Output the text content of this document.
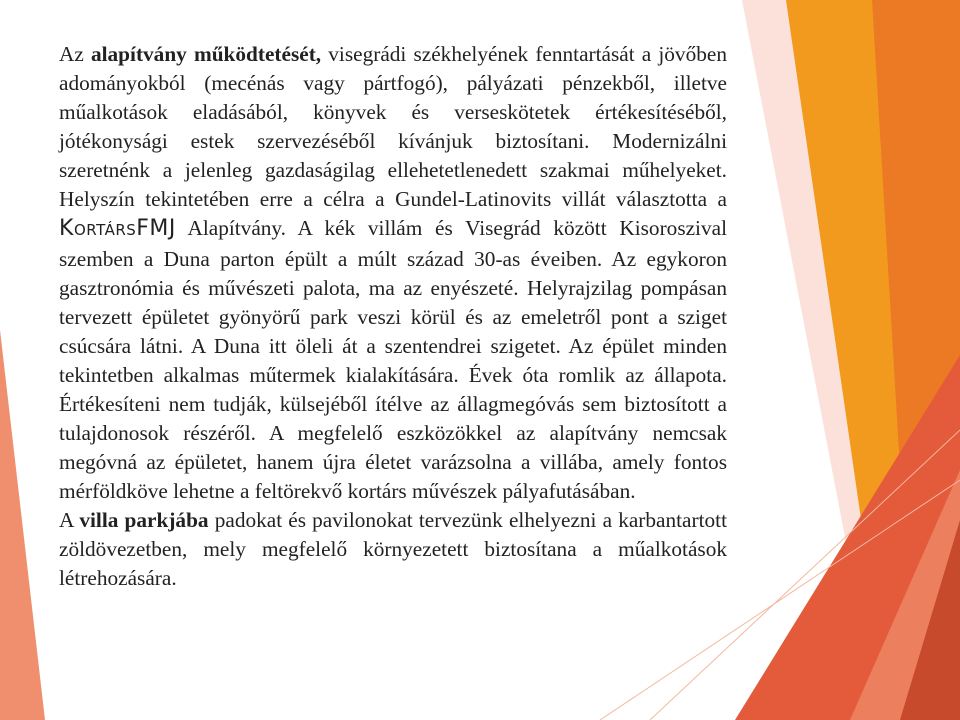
Az alapítvány működtetését, visegrádi székhelyének fenntartását a jövőben adományokból (mecénás vagy pártfogó), pályázati pénzekből, illetve műalkotások eladásából, könyvek és verseskötetek értékesítéséből, jótékonysági estek szervezéséből kívánjuk biztosítani. Modernizálni szeretnénk a jelenleg gazdaságilag ellehetetlenedett szakmai műhelyeket. Helyszín tekintetében erre a célra a Gundel-Latinovits villát választotta a KORTÁRSFMJ Alapítvány. A kék villám és Visegrád között Kisoroszival szemben a Duna parton épült a múlt század 30-as éveiben. Az egykoron gasztronómia és művészeti palota, ma az enyészeté. Helyrajzilag pompásan tervezett épületet gyönyörű park veszi körül és az emeletről pont a sziget csúcsára látni. A Duna itt öleli át a szentendrei szigetet. Az épület minden tekintetben alkalmas műtermek kialakítására. Évek óta romlik az állapota. Értékesíteni nem tudják, külsejéből ítélve az állagmegóvás sem biztosított a tulajdonosok részéről. A megfelelő eszközökkel az alapítvány nemcsak megóvná az épületet, hanem újra életet varázsolna a villába, amely fontos mérföldköve lehetne a feltörekvő kortárs művészek pályafutásában.

A villa parkjába padokat és pavilonokat tervezünk elhelyezni a karbantartott zöldövezetben, mely megfelelő környezetett biztosítana a műalkotások létrehozására.
